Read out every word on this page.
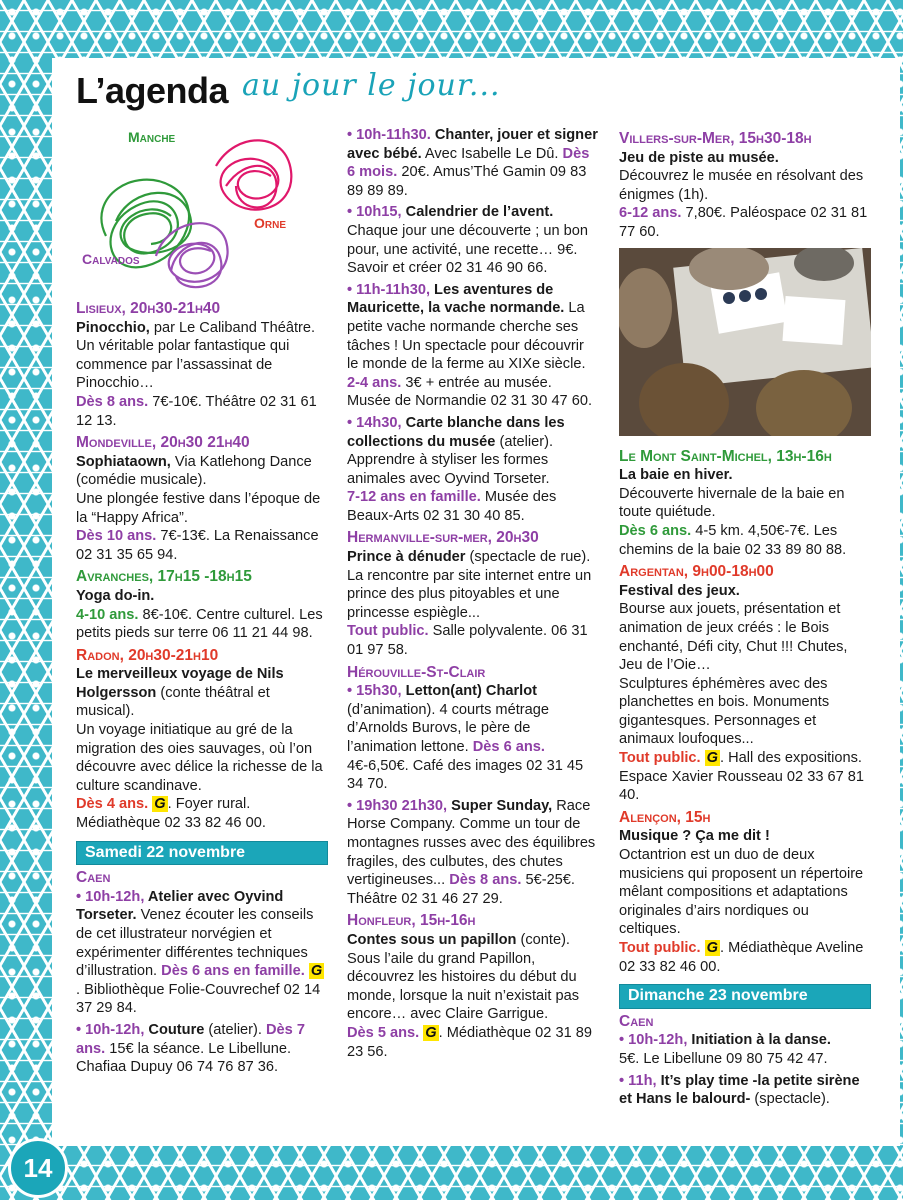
L’agenda au jour le jour...
Manche
Orne
Calvados
Lisieux, 20h30-21h40
Pinocchio, par Le Caliband Théâtre.
Un véritable polar fantastique qui commence par l’assassinat de Pinocchio…
Dès 8 ans. 7€-10€. Théâtre 02 31 61 12 13.
Mondeville, 20h30 21h40
Sophiataown, Via Katlehong Dance (comédie musicale).
Une plongée festive dans l’époque de la “Happy Africa”.
Dès 10 ans. 7€-13€. La Renaissance 02 31 35 65 94.
Avranches, 17h15 -18h15
Yoga do-in.
4-10 ans. 8€-10€. Centre culturel. Les petits pieds sur terre 06 11 21 44 98.
Radon, 20h30-21h10
Le merveilleux voyage de Nils Holgersson (conte théâtral et musical).
Un voyage initiatique au gré de la migration des oies sauvages, où l’on découvre avec délice la richesse de la culture scandinave.
Dès 4 ans. G . Foyer rural. Médiathèque 02 33 82 46 00.
Samedi 22 novembre
Caen
• 10h-12h, Atelier avec Oyvind Torseter. Venez écouter les conseils de cet illustrateur norvégien et expérimenter différentes techniques d’illustration. Dès 6 ans en famille. G. Bibliothèque Folie-Couvrechef 02 14 37 29 84.
• 10h-12h, Couture (atelier). Dès 7 ans. 15€ la séance. Le Libellune. Chafiaa Dupuy 06 74 76 87 36.
• 10h-11h30. Chanter, jouer et signer avec bébé. Avec Isabelle Le Dû. Dès 6 mois. 20€. Amus’Thé Gamin 09 83 89 89 89.
• 10h15, Calendrier de l’avent. Chaque jour une découverte ; un bon pour, une activité, une recette… 9€. Savoir et créer 02 31 46 90 66.
• 11h-11h30, Les aventures de Mauricette, la vache normande. La petite vache normande cherche ses tâches ! Un spectacle pour découvrir le monde de la ferme au XIXe siècle. 2-4 ans. 3€ + entrée au musée. Musée de Normandie 02 31 30 47 60.
• 14h30, Carte blanche dans les collections du musée (atelier). Apprendre à styliser les formes animales avec Oyvind Torseter.
7-12 ans en famille. Musée des Beaux-Arts 02 31 30 40 85.
Hermanville-sur-mer, 20h30
Prince à dénuder (spectacle de rue).
La rencontre par site internet entre un prince des plus pitoyables et une princesse espiègle...
Tout public. Salle polyvalente. 06 31 01 97 58.
Hérouville-St-Clair
• 15h30, Letton(ant) Charlot (d’animation). 4 courts métrage d’Arnolds Burovs, le père de l’animation lettone. Dès 6 ans. 4€-6,50€. Café des images 02 31 45 34 70.
• 19h30 21h30, Super Sunday, Race Horse Company. Comme un tour de montagnes russes avec des équilibres fragiles, des culbutes, des chutes vertigineuses... Dès 8 ans. 5€-25€. Théâtre 02 31 46 27 29.
Honfleur, 15h-16h
Contes sous un papillon (conte).
Sous l’aile du grand Papillon, découvrez les histoires du début du monde, lorsque la nuit n’existait pas encore… avec Claire Garrigue.
Dès 5 ans. G . Médiathèque 02 31 89 23 56.
Villers-sur-Mer, 15h30-18h
Jeu de piste au musée.
Découvrez le musée en résolvant des énigmes (1h).
6-12 ans. 7,80€. Paléospace 02 31 81 77 60.
Le Mont Saint-Michel, 13h-16h
La baie en hiver.
Découverte hivernale de la baie en toute quiétude.
Dès 6 ans. 4-5 km. 4,50€-7€. Les chemins de la baie 02 33 89 80 88.
Argentan, 9h00-18h00
Festival des jeux.
Bourse aux jouets, présentation et animation de jeux créés : le Bois enchanté, Défi city, Chut !!! Chutes, Jeu de l’Oie…
Sculptures éphémères avec des planchettes en bois. Monuments gigantesques. Personnages et animaux loufoques...
Tout public. G . Hall des expositions. Espace Xavier Rousseau 02 33 67 81 40.
Alençon, 15h
Musique ? Ça me dit !
Octantrion est un duo de deux musiciens qui proposent un répertoire mêlant compositions et adaptations originales d’airs nordiques ou celtiques.
Tout public. G . Médiathèque Aveline 02 33 82 46 00.
Dimanche 23 novembre
Caen
• 10h-12h, Initiation à la danse.
5€. Le Libellune 09 80 75 42 47.
• 11h, It’s play time -la petite sirène et Hans le balourd- (spectacle).
14
